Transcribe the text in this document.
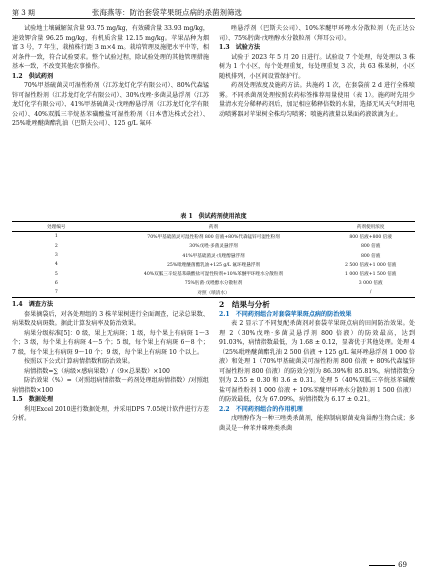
第 3 期	张海燕等：防治套袋苹果斑点病的杀菌剂筛选

试验地土壤碱解氮含量 93.75 mg/kg，有效磷含量 33.93 mg/kg，速效钾含量 96.25 mg/kg，有机质含量 12.15 mg/kg。苹果品种为烟富 3 号，7 年生，栽植株行距 3 m×4 m。栽培管理及施肥水平中等，相对条件一致，符合试验要求。整个试验过程，除试验处理的其他管理措施基本一致，不改变其他农事操作。

1.2　供试药剂

70%甲基硫菌灵可湿性粉剂（江苏龙灯化学有限公司）、80%代森锰锌可湿性粉剂（江苏龙灯化学有限公司）、30%戊唑·多菌灵悬浮剂（江苏龙灯化学有限公司）、41%甲基硫菌灵·戊唑醇悬浮剂（江苏龙灯化学有限公司）、40%双胍三辛烷基苯磺酸盐可湿性粉剂（日本曹达株式会社）、25%吡唑醚菌酯乳油（巴斯夫公司）、125 g/L 氟环

唑悬浮剂（巴斯夫公司）、10%苯醚甲环唑水分散粒剂（先正达公司）、75%肟菌·戊唑醇水分散粒剂（拜耳公司）。

1.3　试验方法

试验于 2023 年 5 月 20 日进行。试验设 7 个处理，每处理以 3 株树为 1 个小区，每个处理重复，每处理重复 3 次，共 63 株果树，小区随机排列，小区间设置保护行。

药剂处理浓度及施药方法。共施药 1 次，在套袋前 2 d 进行全株喷雾。不同杀菌剂处理按照农药标签推荐用量使用（表 1）。施药时先用少量清水充分稀释药剂后，加足相应稀释倍数的水量，选择无风天气时用电动喷雾器对苹果树全株均匀喷雾；喷施药液量以果面药液欲滴为止。

表 1　供试药剂使用浓度
处理编号	药剂	药剂使用浓度
1	70%甲基硫菌灵可湿性粉剂 800 倍液+80%代森锰锌可湿性粉剂	800 倍液+800 倍液
2	30%戊唑·多菌灵悬浮剂	800 倍液
3	41%甲基硫菌灵·戊唑醇悬浮剂	800 倍液
4	25%吡唑醚菌酯乳油+125 g/L 氟环唑悬浮剂	2 500 倍液+1 000 倍液
5	40%双胍三辛烷基苯磺酸盐可湿性粉剂+10%苯醚甲环唑水分散粒剂	1 000 倍液+1 500 倍液
6	75%肟菌·戊唑醇水分散粒剂	3 000 倍液
7	对照（喷清水）	/

1.4　调查方法

套果摘袋后，对各处理组的 3 株苹果树进行全面调查，记录总果数、病果数及病斑数。据此计算发病率及防治效果。

病果分级标准[5]：0 级，果上无病斑；1 级，每个果上有病斑 1～3 个；3 级，每个果上有病斑 4～5 个；5 级，每个果上有病斑 6～8 个；7 级，每个果上有病斑 9～10 个；9 级，每个果上有病斑 10 个以上。

按照以下公式计算病情指数和防治效果。

病情指数=∑（病级×感病果数）/（9×总果数）×100

防治效果（%）=（对照组病情指数－药剂处理组病情指数）/对照组病情指数×100

1.5　数据处理

利用Excel 2010进行数据处理，并采用DPS 7.05统计软件进行方差分析。

2　结果与分析

2.1　不同药剂组合对套袋苹果斑点病的防治效果

表 2 显示了不同复配杀菌剂对套袋苹果斑点病的田间防治效果。处理 2（30%戊唑·多菌灵悬浮剂 800 倍液）的防效最高，达到 91.03%，病情指数最低，为 1.68 ± 0.12，显著优于其他处理。处理 4（25%吡唑醚菌酯乳油 2 500 倍液 + 125 g/L 氟环唑悬浮剂 1 000 倍液）和处理 1（70%甲基硫菌灵可湿性粉剂 800 倍液 + 80%代森锰锌可湿性粉剂 800 倍液）的防效分别为 86.39%和 85.81%，病情指数分别为 2.55 ± 0.30 和 3.6 ± 0.31。处理 5（40%双胍三辛烷基苯磺酸盐可湿性粉剂 1 000 倍液 + 10%苯醚甲环唑水分散粒剂 1 500 倍液）的防效最低，仅为 67.09%，病情指数为 6.17 ± 0.21。

2.2　不同药剂组合的作用机理

戊唑醇作为一种三唑类杀菌剂，能抑制病原菌麦角甾醇生物合成；多菌灵是一种苯并咪唑类杀菌

69
